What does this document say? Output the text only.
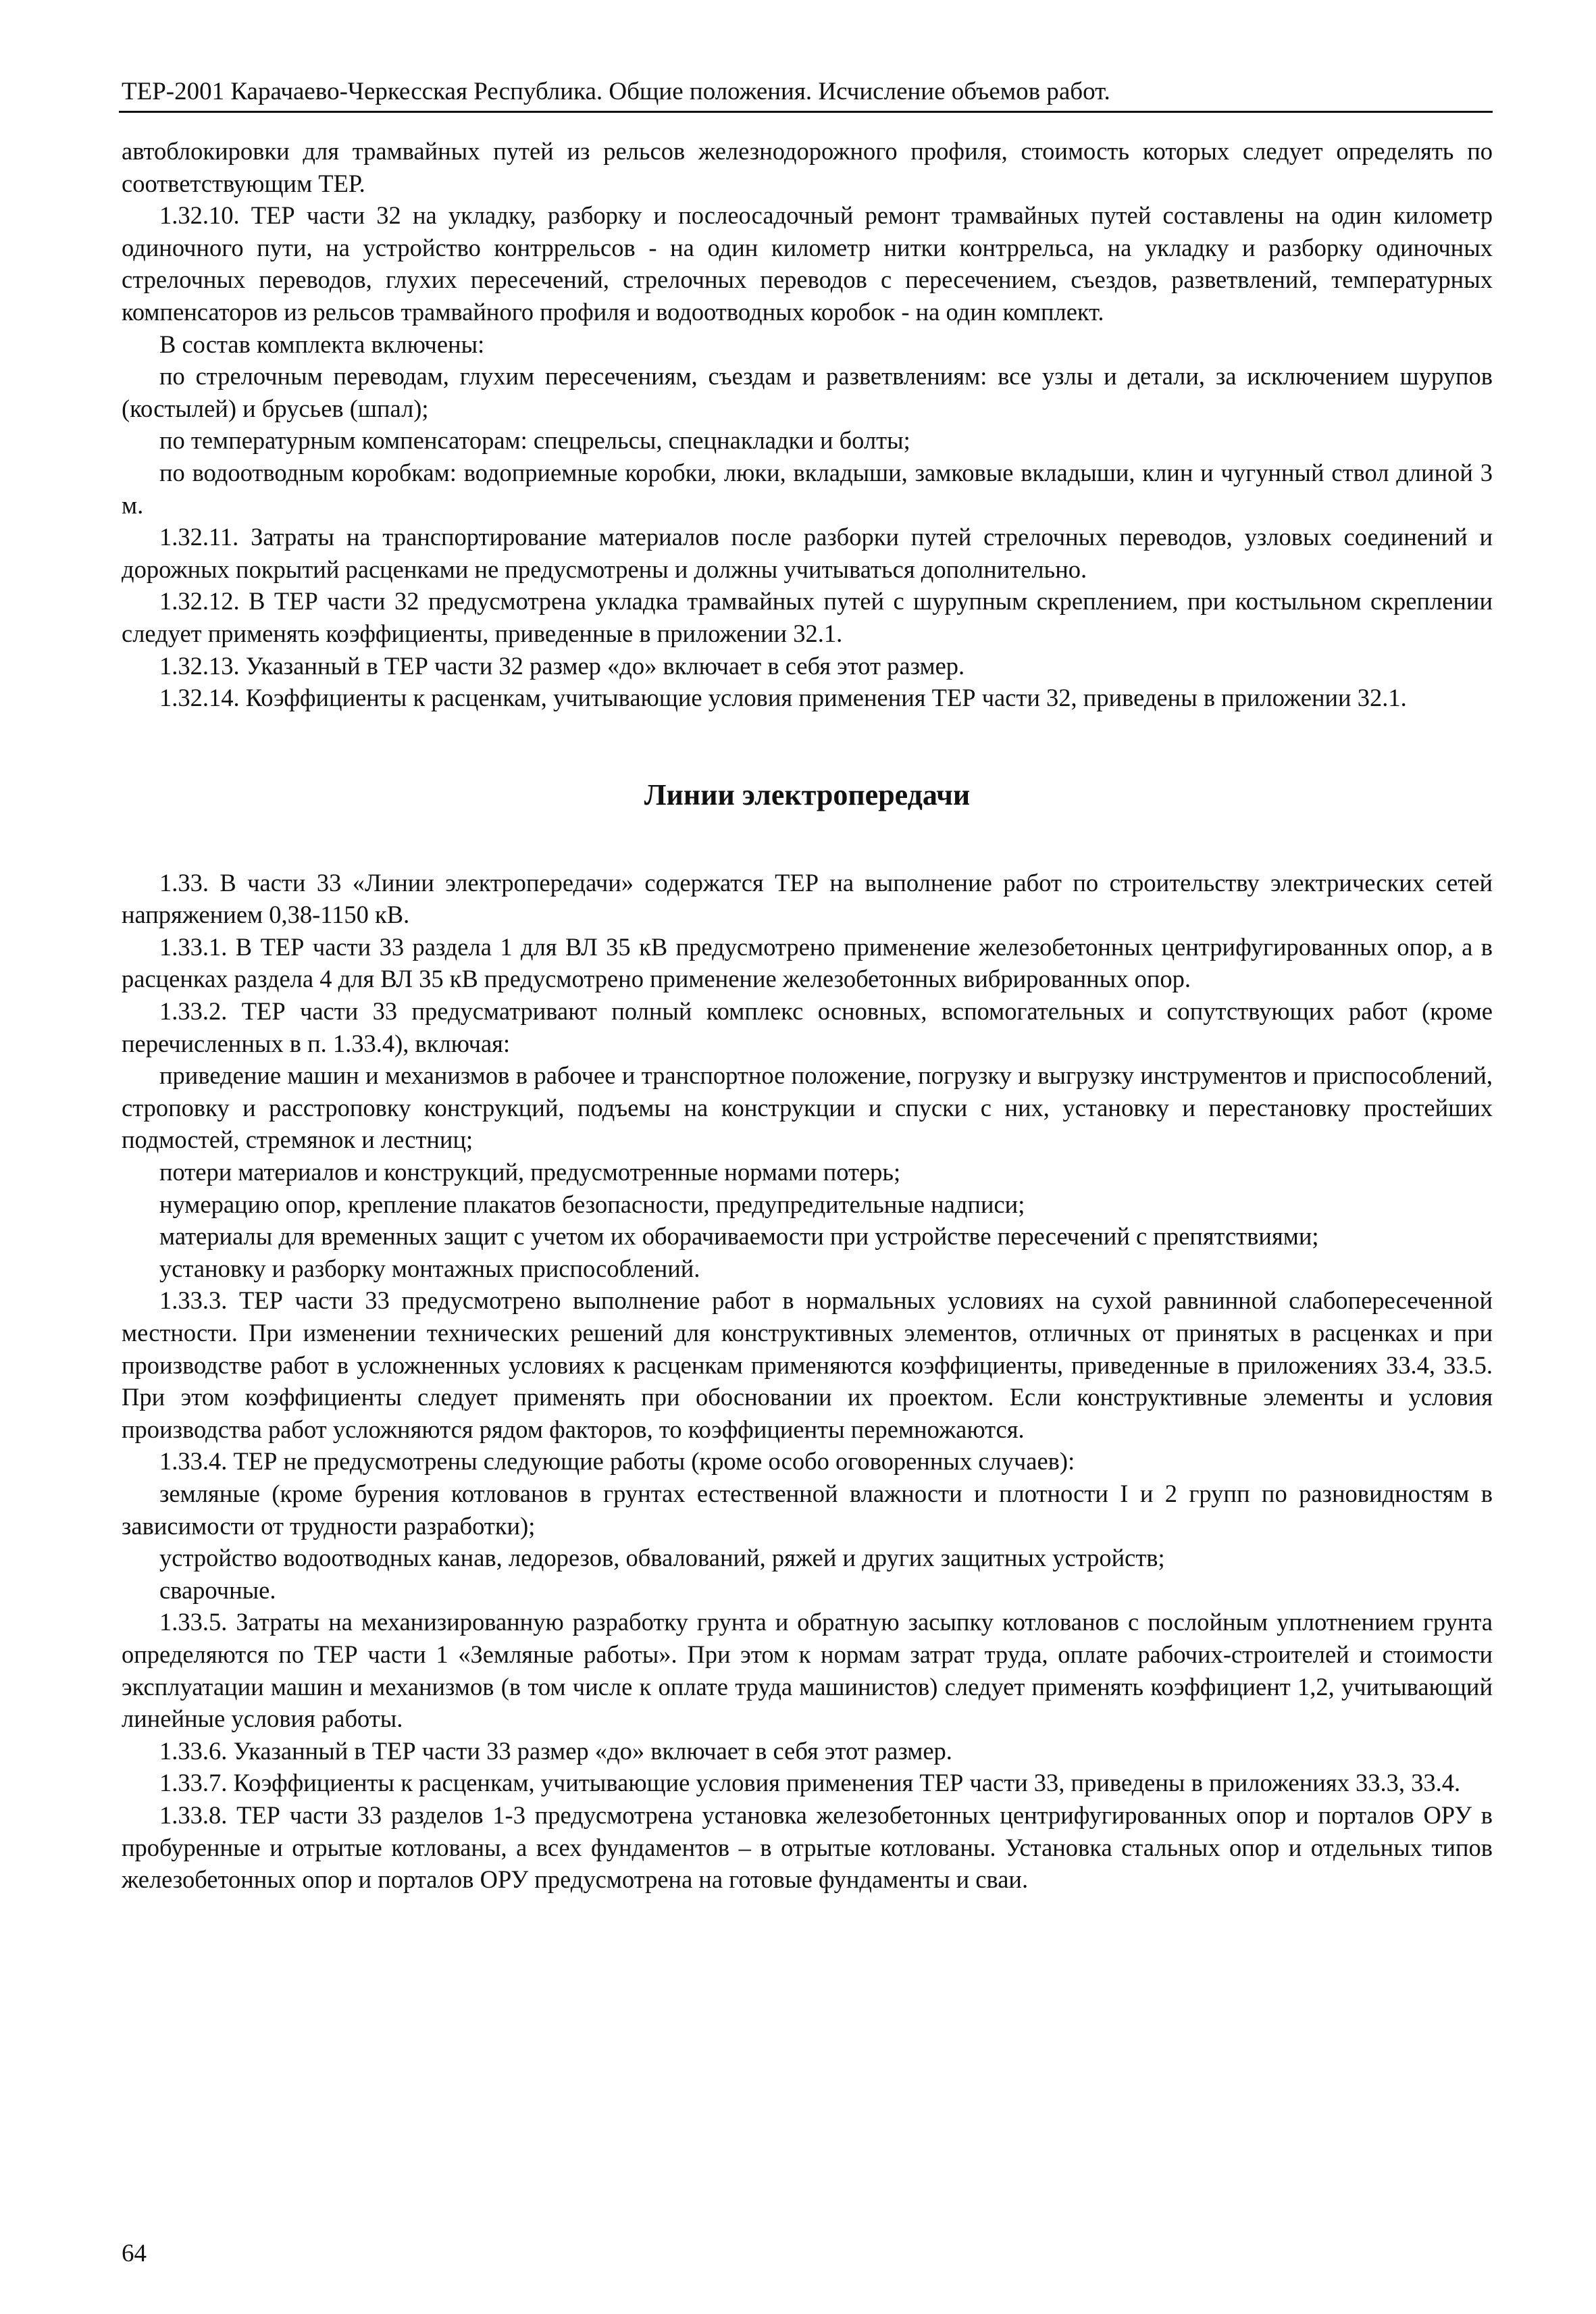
ТЕР-2001 Карачаево-Черкесская Республика. Общие положения. Исчисление объемов работ.

автоблокировки для трамвайных путей из рельсов железнодорожного профиля, стоимость которых следует определять по соответствующим ТЕР.

1.32.10. ТЕР части 32 на укладку, разборку и послеосадочный ремонт трамвайных путей составлены на один километр одиночного пути, на устройство контррельсов - на один километр нитки контррельса, на укладку и разборку одиночных стрелочных переводов, глухих пересечений, стрелочных переводов с пересечением, съездов, разветвлений, температурных компенсаторов из рельсов трамвайного профиля и водоотводных коробок - на один комплект.

В состав комплекта включены:

по стрелочным переводам, глухим пересечениям, съездам и разветвлениям: все узлы и детали, за исключением шурупов (костылей) и брусьев (шпал);

по температурным компенсаторам: спецрельсы, спецнакладки и болты;

по водоотводным коробкам: водоприемные коробки, люки, вкладыши, замковые вкладыши, клин и чугунный ствол длиной 3 м.

1.32.11. Затраты на транспортирование материалов после разборки путей стрелочных переводов, узловых соединений и дорожных покрытий расценками не предусмотрены и должны учитываться дополнительно.

1.32.12. В ТЕР части 32 предусмотрена укладка трамвайных путей с шурупным скреплением, при костыльном скреплении следует применять коэффициенты, приведенные в приложении 32.1.

1.32.13. Указанный в ТЕР части 32 размер «до» включает в себя этот размер.

1.32.14. Коэффициенты к расценкам, учитывающие условия применения ТЕР части 32, приведены в приложении 32.1.

Линии электропередачи

1.33. В части 33 «Линии электропередачи» содержатся ТЕР на выполнение работ по строительству электрических сетей напряжением 0,38-1150 кВ.

1.33.1. В ТЕР части 33 раздела 1 для ВЛ 35 кВ предусмотрено применение железобетонных центрифугированных опор, а в расценках раздела 4 для ВЛ 35 кВ предусмотрено применение железобетонных вибрированных опор.

1.33.2. ТЕР части 33 предусматривают полный комплекс основных, вспомогательных и сопутствующих работ (кроме перечисленных в п. 1.33.4), включая:

приведение машин и механизмов в рабочее и транспортное положение, погрузку и выгрузку инструментов и приспособлений, строповку и расстроповку конструкций, подъемы на конструкции и спуски с них, установку и перестановку простейших подмостей, стремянок и лестниц;

потери материалов и конструкций, предусмотренные нормами потерь;

нумерацию опор, крепление плакатов безопасности, предупредительные надписи;

материалы для временных защит с учетом их оборачиваемости при устройстве пересечений с препятствиями;

установку и разборку монтажных приспособлений.

1.33.3. ТЕР части 33 предусмотрено выполнение работ в нормальных условиях на сухой равнинной слабопересеченной местности. При изменении технических решений для конструктивных элементов, отличных от принятых в расценках и при производстве работ в усложненных условиях к расценкам применяются коэффициенты, приведенные в приложениях 33.4, 33.5. При этом коэффициенты следует применять при обосновании их проектом. Если конструктивные элементы и условия производства работ усложняются рядом факторов, то коэффициенты перемножаются.

1.33.4. ТЕР не предусмотрены следующие работы (кроме особо оговоренных случаев):

земляные (кроме бурения котлованов в грунтах естественной влажности и плотности I и 2 групп по разновидностям в зависимости от трудности разработки);

устройство водоотводных канав, ледорезов, обвалований, ряжей и других защитных устройств;

сварочные.

1.33.5. Затраты на механизированную разработку грунта и обратную засыпку котлованов с послойным уплотнением грунта определяются по ТЕР части 1 «Земляные работы». При этом к нормам затрат труда, оплате рабочих-строителей и стоимости эксплуатации машин и механизмов (в том числе к оплате труда машинистов) следует применять коэффициент 1,2, учитывающий линейные условия работы.

1.33.6. Указанный в ТЕР части 33 размер «до» включает в себя этот размер.

1.33.7. Коэффициенты к расценкам, учитывающие условия применения ТЕР части 33, приведены в приложениях 33.3, 33.4.

1.33.8. ТЕР части 33 разделов 1-3 предусмотрена установка железобетонных центрифугированных опор и порталов ОРУ в пробуренные и отрытые котлованы, а всех фундаментов – в отрытые котлованы. Установка стальных опор и отдельных типов железобетонных опор и порталов ОРУ предусмотрена на готовые фундаменты и сваи.

64
